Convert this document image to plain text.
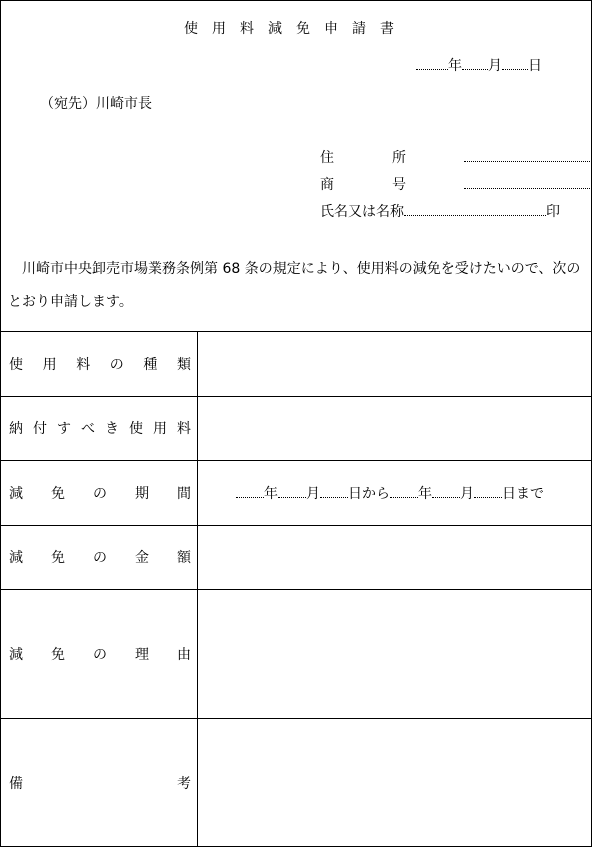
使用料減免申請書
年 月 日
（宛先）川崎市長
住所
商号
氏名又は名称	印
川崎市中央卸売市場業務条例第 68 条の規定により、使用料の減免を受けたいので、次のとおり申請します。
使 用 料 の 種 類
納 付 す べ き 使 用 料
減 免 の 期 間
減 免 の 金 額
減 免 の 理 由
備	考
年 月 日から 年 月 日まで
